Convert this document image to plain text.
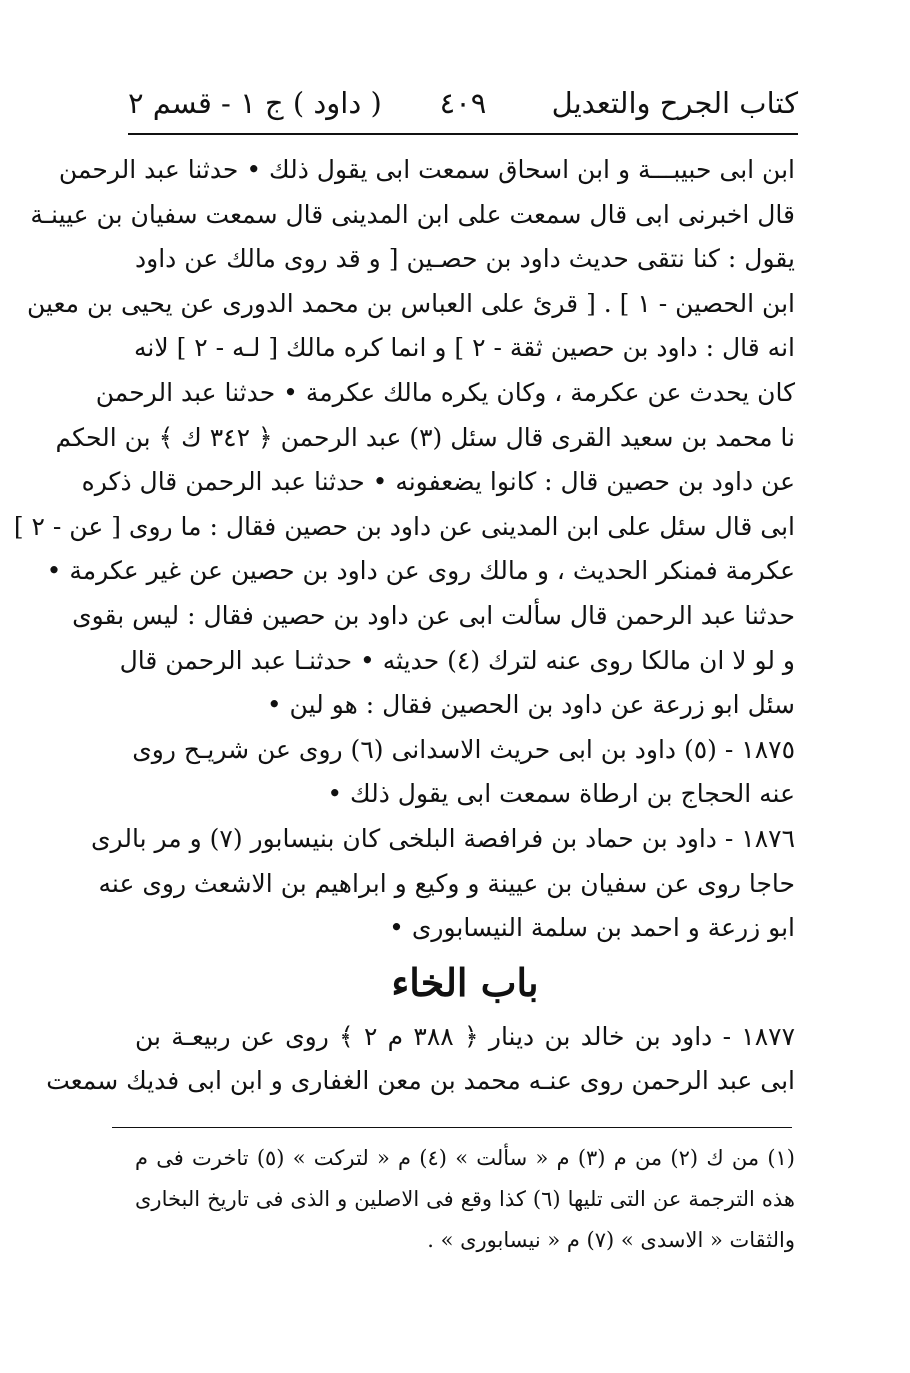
كتاب الجرح والتعديل
٤٠٩
( داود ) ج ١ - قسم ٢
ابن ابى حبيبـــة و ابن اسحاق سمعت ابى يقول ذلك • حدثنا عبد الرحمن
قال اخبرنى ابى قال سمعت على ابن المدينى قال سمعت سفيان بن عيينـة
يقول : كنا نتقى حديث داود بن حصـين [ و قد روى مالك عن داود
ابن الحصين - ١ ] . [ قرئ على العباس بن محمد الدورى عن يحيى بن معين
انه قال : داود بن حصين ثقة - ٢ ] و انما كره مالك [ لـه - ٢ ] لانه
كان يحدث عن عكرمة ، وكان يكره مالك عكرمة • حدثنا عبد الرحمن
نا محمد بن سعيد القرى قال سئل (٣) عبد الرحمن ﴿ ٣٤٢ ك ﴾ بن الحكم
عن داود بن حصين قال : كانوا يضعفونه • حدثنا عبد الرحمن قال ذكره
ابى قال سئل على ابن المدينى عن داود بن حصين فقال : ما روى [ عن - ٢ ]
عكرمة فمنكر الحديث ، و مالك روى عن داود بن حصين عن غير عكرمة •
حدثنا عبد الرحمن قال سألت ابى عن داود بن حصين فقال : ليس بقوى
و لو لا ان مالكا روى عنه لترك (٤) حديثه • حدثنـا عبد الرحمن قال
سئل ابو زرعة عن داود بن الحصين فقال : هو لين •
١٨٧٥ - (٥) داود بن ابى حريث الاسدانى (٦) روى عن شريـح روى
عنه الحجاج بن ارطاة سمعت ابى يقول ذلك •
١٨٧٦ - داود بن حماد بن فرافصة البلخى كان بنيسابور (٧) و مر بالرى
حاجا روى عن سفيان بن عيينة و وكيع و ابراهيم بن الاشعث روى عنه
ابو زرعة و احمد بن سلمة النيسابورى •
باب الخاء
١٨٧٧ - داود بن خالد بن دينار ﴿ ٣٨٨ م ٢ ﴾ روى عن ربيعـة بن
ابى عبد الرحمن روى عنـه محمد بن معن الغفارى و ابن ابى فديك سمعت
(١) من ك (٢) من م (٣) م « سألت » (٤) م « لتركت » (٥) تاخرت فى م
هذه الترجمة عن التى تليها (٦) كذا وقع فى الاصلين و الذى فى تاريخ البخارى
والثقات « الاسدى » (٧) م « نيسابورى » .
